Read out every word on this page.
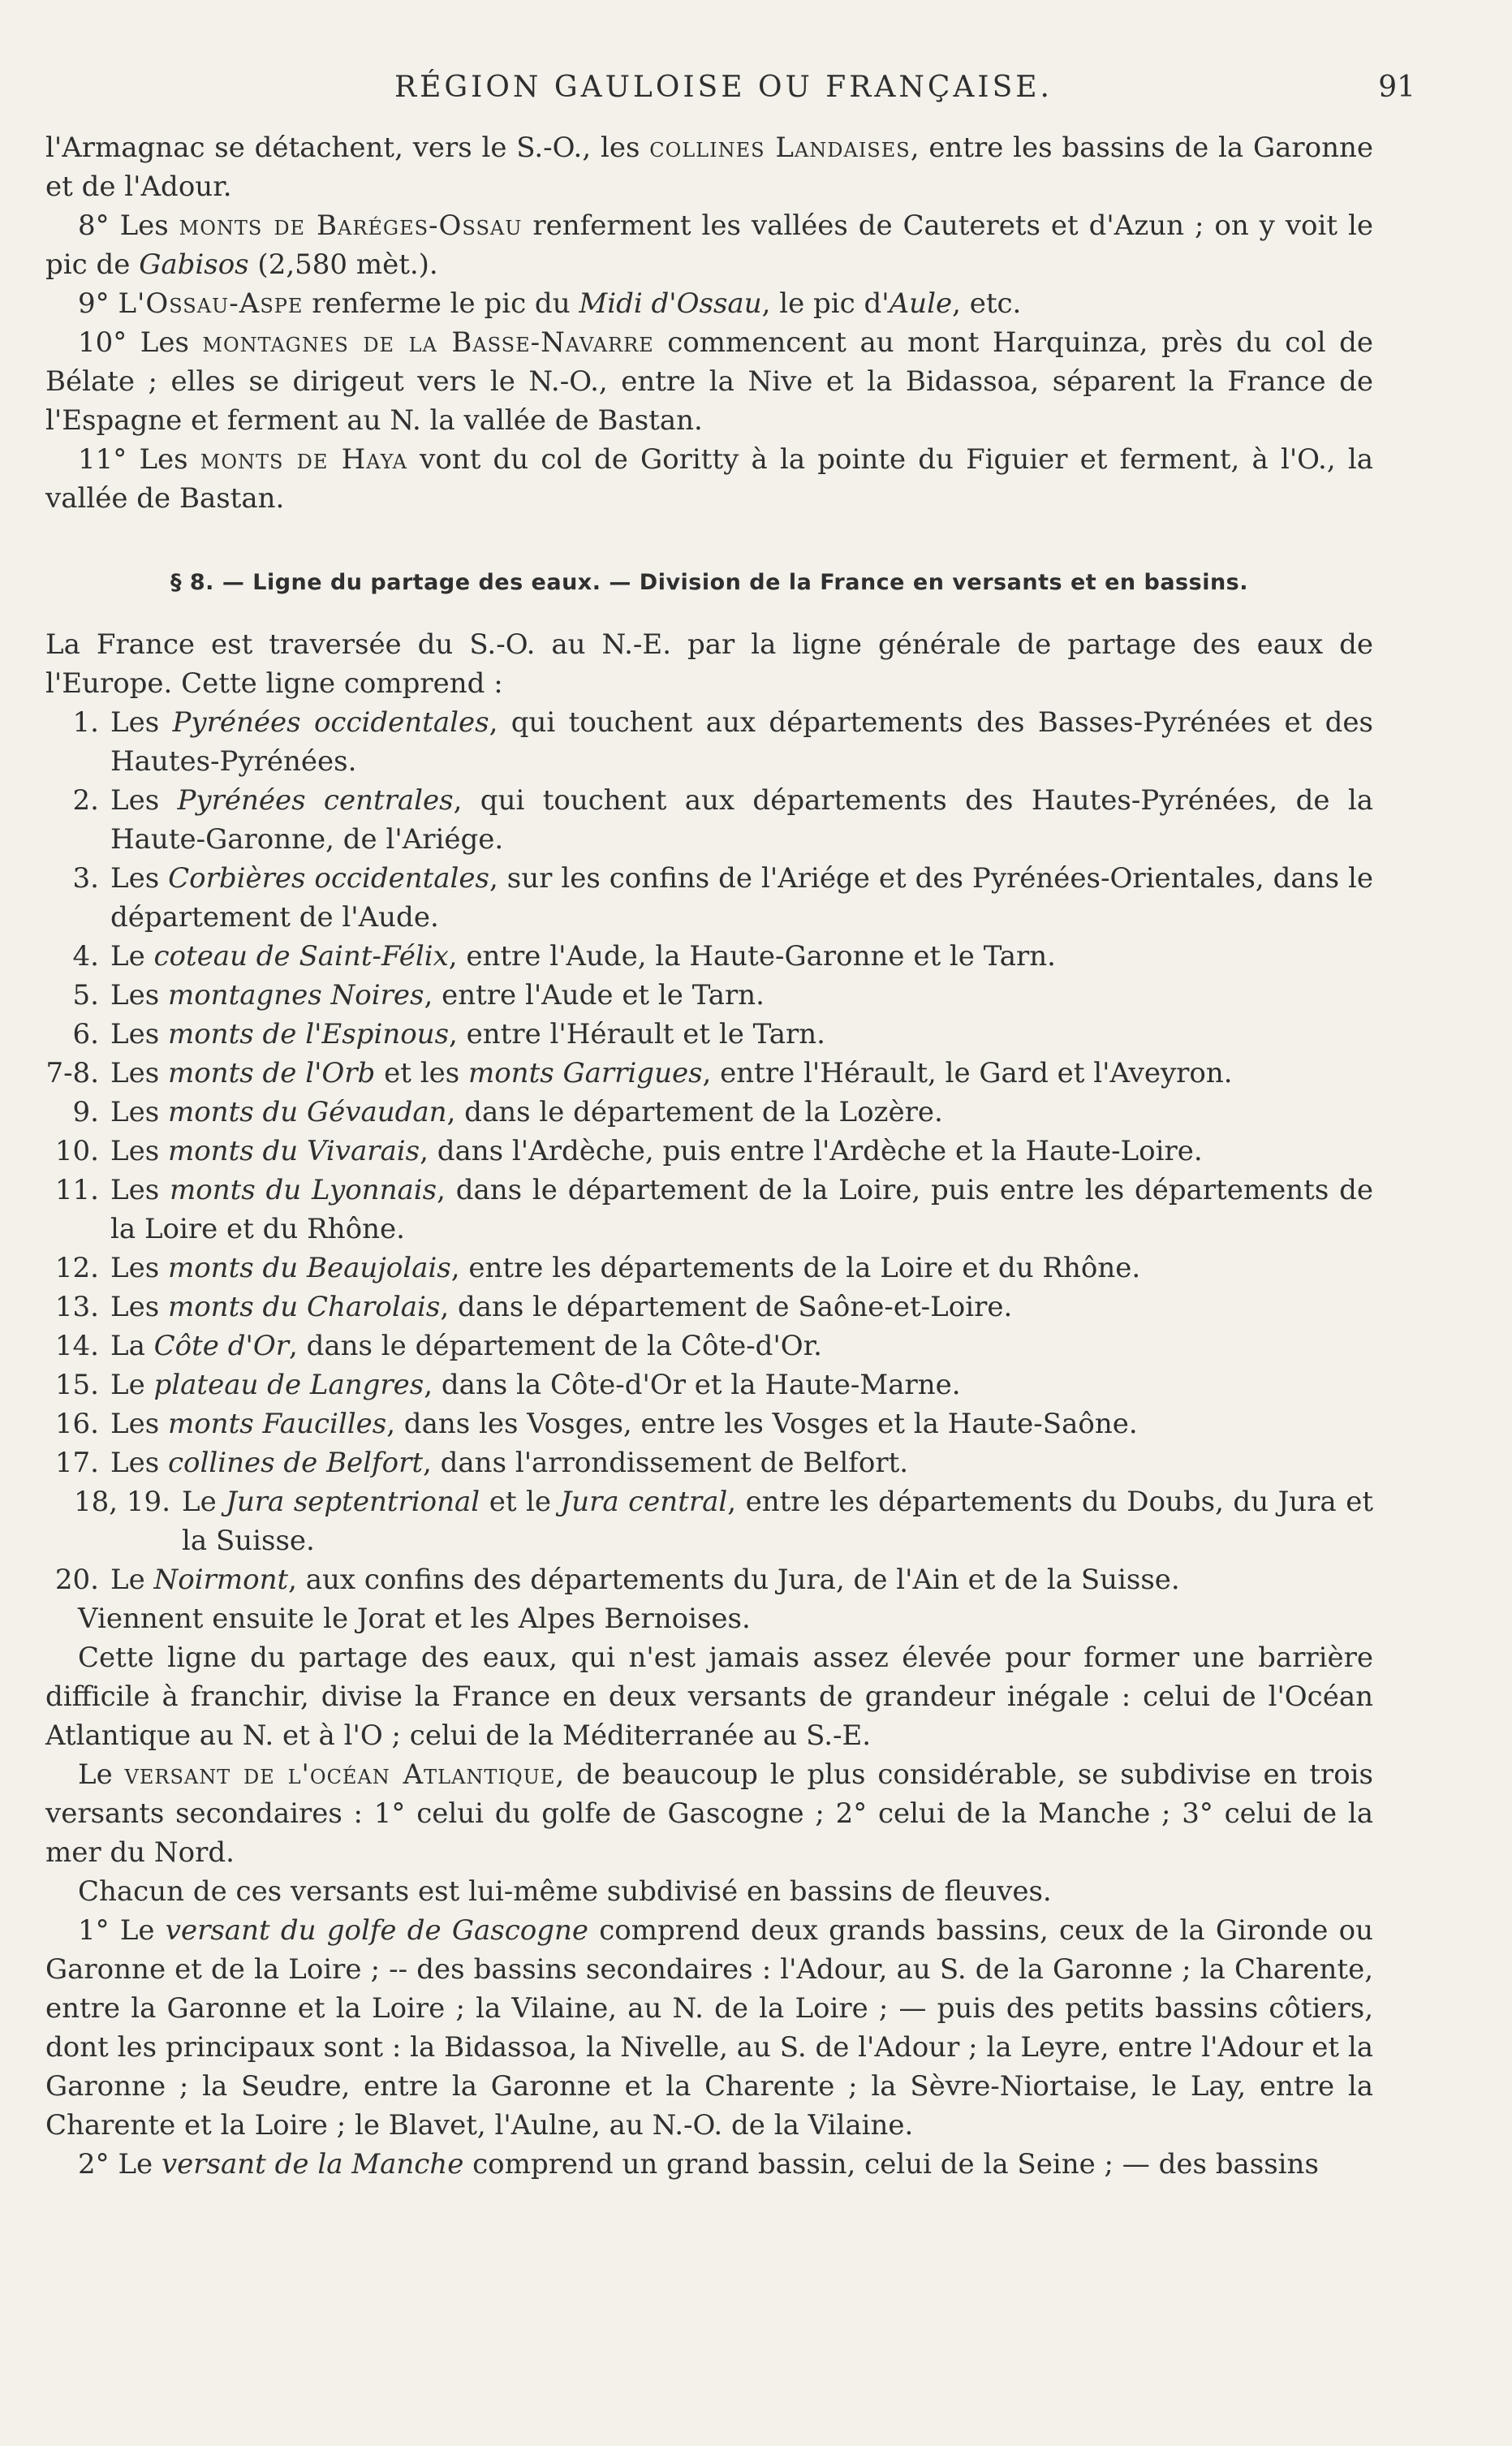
RÉGION GAULOISE OU FRANÇAISE.	91

l'Armagnac se détachent, vers le S.-O., les collines Landaises, entre les bassins de la Garonne et de l'Adour.

8° Les monts de Baréges-Ossau renferment les vallées de Cauterets et d'Azun ; on y voit le pic de Gabisos (2,580 mèt.).

9° L'Ossau-Aspe renferme le pic du Midi d'Ossau, le pic d'Aule, etc.

10° Les montagnes de la Basse-Navarre commencent au mont Harquinza, près du col de Bélate ; elles se dirigeut vers le N.-O., entre la Nive et la Bidassoa, séparent la France de l'Espagne et ferment au N. la vallée de Bastan.

11° Les monts de Haya vont du col de Goritty à la pointe du Figuier et ferment, à l'O., la vallée de Bastan.

§ 8. — Ligne du partage des eaux. — Division de la France en versants et en bassins.

La France est traversée du S.-O. au N.-E. par la ligne générale de partage des eaux de l'Europe. Cette ligne comprend :

1. Les Pyrénées occidentales, qui touchent aux départements des Basses-Pyrénées et des Hautes-Pyrénées.
2. Les Pyrénées centrales, qui touchent aux départements des Hautes-Pyrénées, de la Haute-Garonne, de l'Ariége.
3. Les Corbières occidentales, sur les confins de l'Ariége et des Pyrénées-Orientales, dans le département de l'Aude.
4. Le coteau de Saint-Félix, entre l'Aude, la Haute-Garonne et le Tarn.
5. Les montagnes Noires, entre l'Aude et le Tarn.
6. Les monts de l'Espinous, entre l'Hérault et le Tarn.
7-8. Les monts de l'Orb et les monts Garrigues, entre l'Hérault, le Gard et l'Aveyron.
9. Les monts du Gévaudan, dans le département de la Lozère.
10. Les monts du Vivarais, dans l'Ardèche, puis entre l'Ardèche et la Haute-Loire.
11. Les monts du Lyonnais, dans le département de la Loire, puis entre les départements de la Loire et du Rhône.
12. Les monts du Beaujolais, entre les départements de la Loire et du Rhône.
13. Les monts du Charolais, dans le département de Saône-et-Loire.
14. La Côte d'Or, dans le département de la Côte-d'Or.
15. Le plateau de Langres, dans la Côte-d'Or et la Haute-Marne.
16. Les monts Faucilles, dans les Vosges, entre les Vosges et la Haute-Saône.
17. Les collines de Belfort, dans l'arrondissement de Belfort.
18, 19. Le Jura septentrional et le Jura central, entre les départements du Doubs, du Jura et la Suisse.
20. Le Noirmont, aux confins des départements du Jura, de l'Ain et de la Suisse.

Viennent ensuite le Jorat et les Alpes Bernoises.

Cette ligne du partage des eaux, qui n'est jamais assez élevée pour former une barrière difficile à franchir, divise la France en deux versants de grandeur inégale : celui de l'Océan Atlantique au N. et à l'O ; celui de la Méditerranée au S.-E.

Le versant de l'océan Atlantique, de beaucoup le plus considérable, se subdivise en trois versants secondaires : 1° celui du golfe de Gascogne ; 2° celui de la Manche ; 3° celui de la mer du Nord.

Chacun de ces versants est lui-même subdivisé en bassins de fleuves.

1° Le versant du golfe de Gascogne comprend deux grands bassins, ceux de la Gironde ou Garonne et de la Loire ; -- des bassins secondaires : l'Adour, au S. de la Garonne ; la Charente, entre la Garonne et la Loire ; la Vilaine, au N. de la Loire ; — puis des petits bassins côtiers, dont les principaux sont : la Bidassoa, la Nivelle, au S. de l'Adour ; la Leyre, entre l'Adour et la Garonne ; la Seudre, entre la Garonne et la Charente ; la Sèvre-Niortaise, le Lay, entre la Charente et la Loire ; le Blavet, l'Aulne, au N.-O. de la Vilaine.

2° Le versant de la Manche comprend un grand bassin, celui de la Seine ; — des bassins
